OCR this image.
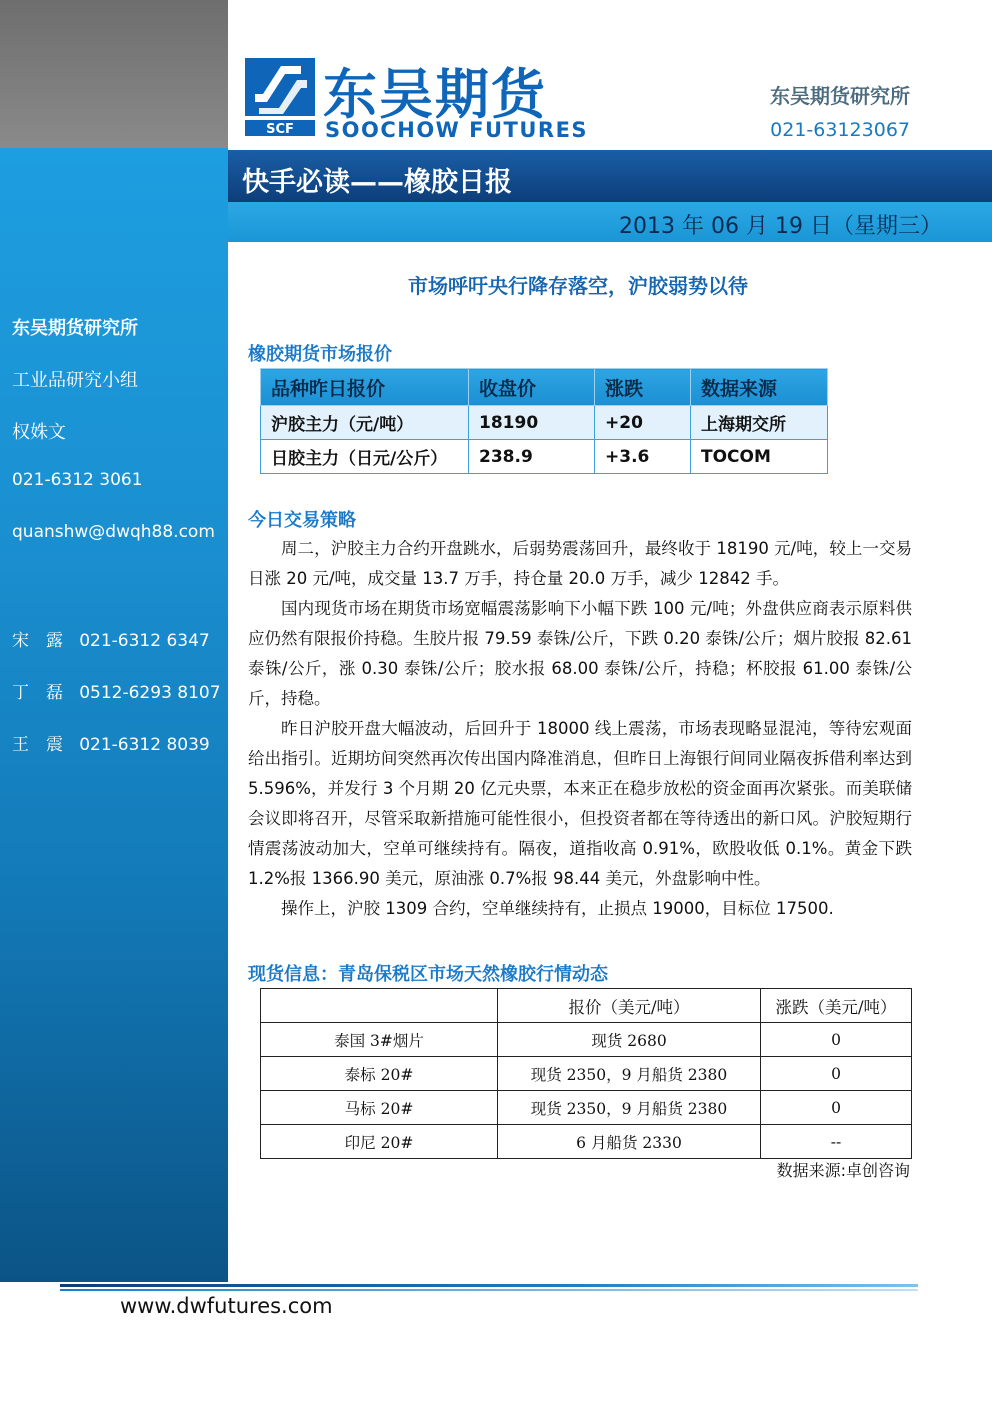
SCF
东吴期货
SOOCHOW FUTURES
东吴期货研究所
021-63123067
快手必读——橡胶日报
2013 年 06 月 19 日（星期三）
东吴期货研究所
工业品研究小组
权姝文
021-6312 3061
quanshw@dwqh88.com
宋　露 021-6312 6347
丁　磊 0512-6293 8107
王　震 021-6312 8039
市场呼吁央行降存落空，沪胶弱势以待
橡胶期货市场报价
品种昨日报价	收盘价	涨跌	数据来源
沪胶主力（元/吨）	18190	+20	上海期交所
日胶主力（日元/公斤）	238.9	+3.6	TOCOM
今日交易策略

周二，沪胶主力合约开盘跳水，后弱势震荡回升，最终收于 18190 元/吨，较上一交易日涨 20 元/吨，成交量 13.7 万手，持仓量 20.0 万手，减少 12842 手。

国内现货市场在期货市场宽幅震荡影响下小幅下跌 100 元/吨；外盘供应商表示原料供应仍然有限报价持稳。生胶片报 79.59 泰铢/公斤，下跌 0.20 泰铢/公斤；烟片胶报 82.61 泰铢/公斤，涨 0.30 泰铢/公斤；胶水报 68.00 泰铢/公斤，持稳；杯胶报 61.00 泰铢/公斤，持稳。

昨日沪胶开盘大幅波动，后回升于 18000 线上震荡，市场表现略显混沌，等待宏观面给出指引。近期坊间突然再次传出国内降准消息，但昨日上海银行间同业隔夜拆借利率达到 5.596%，并发行 3 个月期 20 亿元央票，本来正在稳步放松的资金面再次紧张。而美联储会议即将召开，尽管采取新措施可能性很小，但投资者都在等待透出的新口风。沪胶短期行情震荡波动加大，空单可继续持有。隔夜，道指收高 0.91%，欧股收低 0.1%。黄金下跌 1.2%报 1366.90 美元，原油涨 0.7%报 98.44 美元，外盘影响中性。

操作上，沪胶 1309 合约，空单继续持有，止损点 19000，目标位 17500.

现货信息：青岛保税区市场天然橡胶行情动态
	报价（美元/吨）	涨跌（美元/吨）
泰国 3#烟片	现货 2680	0
泰标 20#	现货 2350，9 月船货 2380	0
马标 20#	现货 2350，9 月船货 2380	0
印尼 20#	6 月船货 2330	--
数据来源:卓创咨询
www.dwfutures.com
